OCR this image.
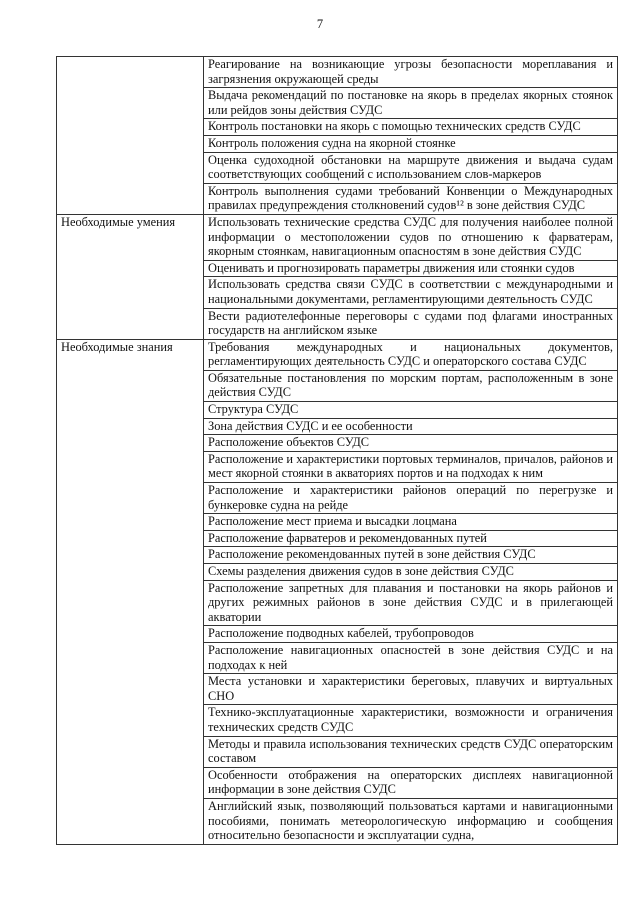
7
	Реагирование на возникающие угрозы безопасности мореплавания и загрязнения окружающей среды
	Выдача рекомендаций по постановке на якорь в пределах якорных стоянок или рейдов зоны действия СУДС
	Контроль постановки на якорь с помощью технических средств СУДС
	Контроль положения судна на якорной стоянке
	Оценка судоходной обстановки на маршруте движения и выдача судам соответствующих сообщений с использованием слов-маркеров
	Контроль выполнения судами требований Конвенции о Международных правилах предупреждения столкновений судов¹² в зоне действия СУДС
Необходимые умения	Использовать технические средства СУДС для получения наиболее полной информации о местоположении судов по отношению к фарватерам, якорным стоянкам, навигационным опасностям в зоне действия СУДС
	Оценивать и прогнозировать параметры движения или стоянки судов
	Использовать средства связи СУДС в соответствии с международными и национальными документами, регламентирующими деятельность СУДС
	Вести радиотелефонные переговоры с судами под флагами иностранных государств на английском языке
Необходимые знания	Требования международных и национальных документов, регламентирующих деятельность СУДС и операторского состава СУДС
	Обязательные постановления по морским портам, расположенным в зоне действия СУДС
	Структура СУДС
	Зона действия СУДС и ее особенности
	Расположение объектов СУДС
	Расположение и характеристики портовых терминалов, причалов, районов и мест якорной стоянки в акваториях портов и на подходах к ним
	Расположение и характеристики районов операций по перегрузке и бункеровке судна на рейде
	Расположение мест приема и высадки лоцмана
	Расположение фарватеров и рекомендованных путей
	Расположение рекомендованных путей в зоне действия СУДС
	Схемы разделения движения судов в зоне действия СУДС
	Расположение запретных для плавания и постановки на якорь районов и других режимных районов в зоне действия СУДС и в прилегающей акватории
	Расположение подводных кабелей, трубопроводов
	Расположение навигационных опасностей в зоне действия СУДС и на подходах к ней
	Места установки и характеристики береговых, плавучих и виртуальных СНО
	Технико-эксплуатационные характеристики, возможности и ограничения технических средств СУДС
	Методы и правила использования технических средств СУДС операторским составом
	Особенности отображения на операторских дисплеях навигационной информации в зоне действия СУДС
	Английский язык, позволяющий пользоваться картами и навигационными пособиями, понимать метеорологическую информацию и сообщения относительно безопасности и эксплуатации судна,
